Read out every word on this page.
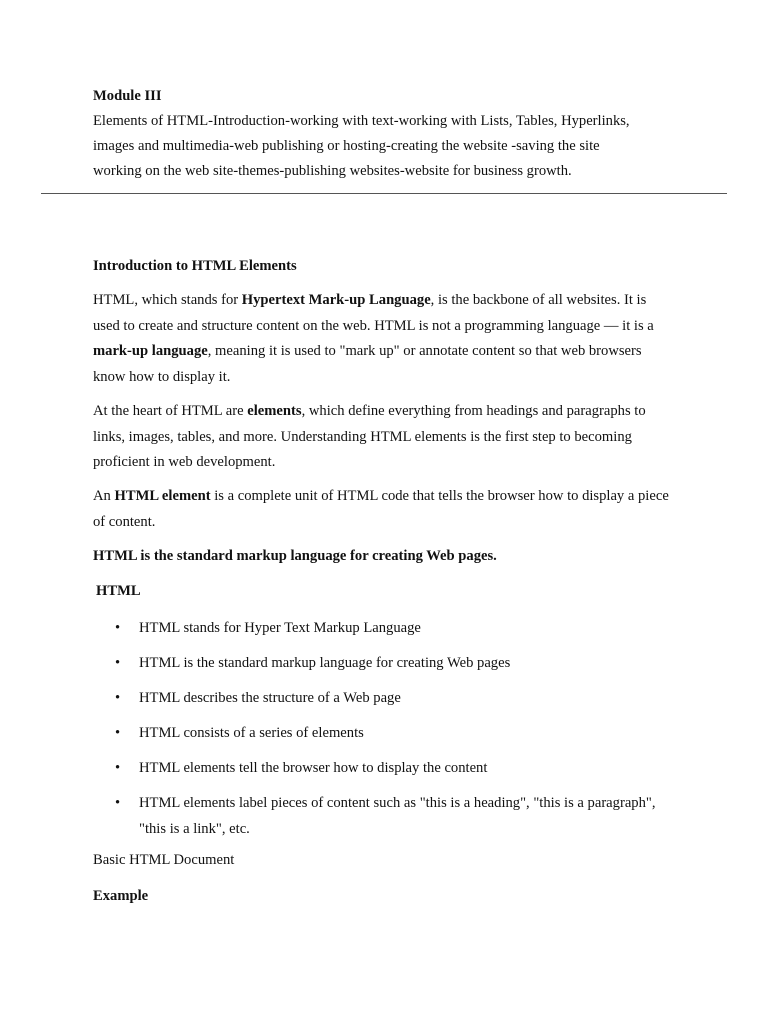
Module III

Elements of HTML-Introduction-working with text-working with Lists, Tables, Hyperlinks,

images and multimedia-web publishing or hosting-creating the website -saving the site

working on the web site-themes-publishing websites-website for business growth.

Introduction to HTML Elements

HTML, which stands for Hypertext Mark-up Language, is the backbone of all websites. It is used to create and structure content on the web. HTML is not a programming language — it is a mark-up language, meaning it is used to "mark up" or annotate content so that web browsers know how to display it.

At the heart of HTML are elements, which define everything from headings and paragraphs to links, images, tables, and more. Understanding HTML elements is the first step to becoming proficient in web development.

An HTML element is a complete unit of HTML code that tells the browser how to display a piece of content.

HTML is the standard markup language for creating Web pages.

HTML

• HTML stands for Hyper Text Markup Language
• HTML is the standard markup language for creating Web pages
• HTML describes the structure of a Web page
• HTML consists of a series of elements
• HTML elements tell the browser how to display the content
• HTML elements label pieces of content such as "this is a heading", "this is a paragraph", "this is a link", etc.

Basic HTML Document

Example
